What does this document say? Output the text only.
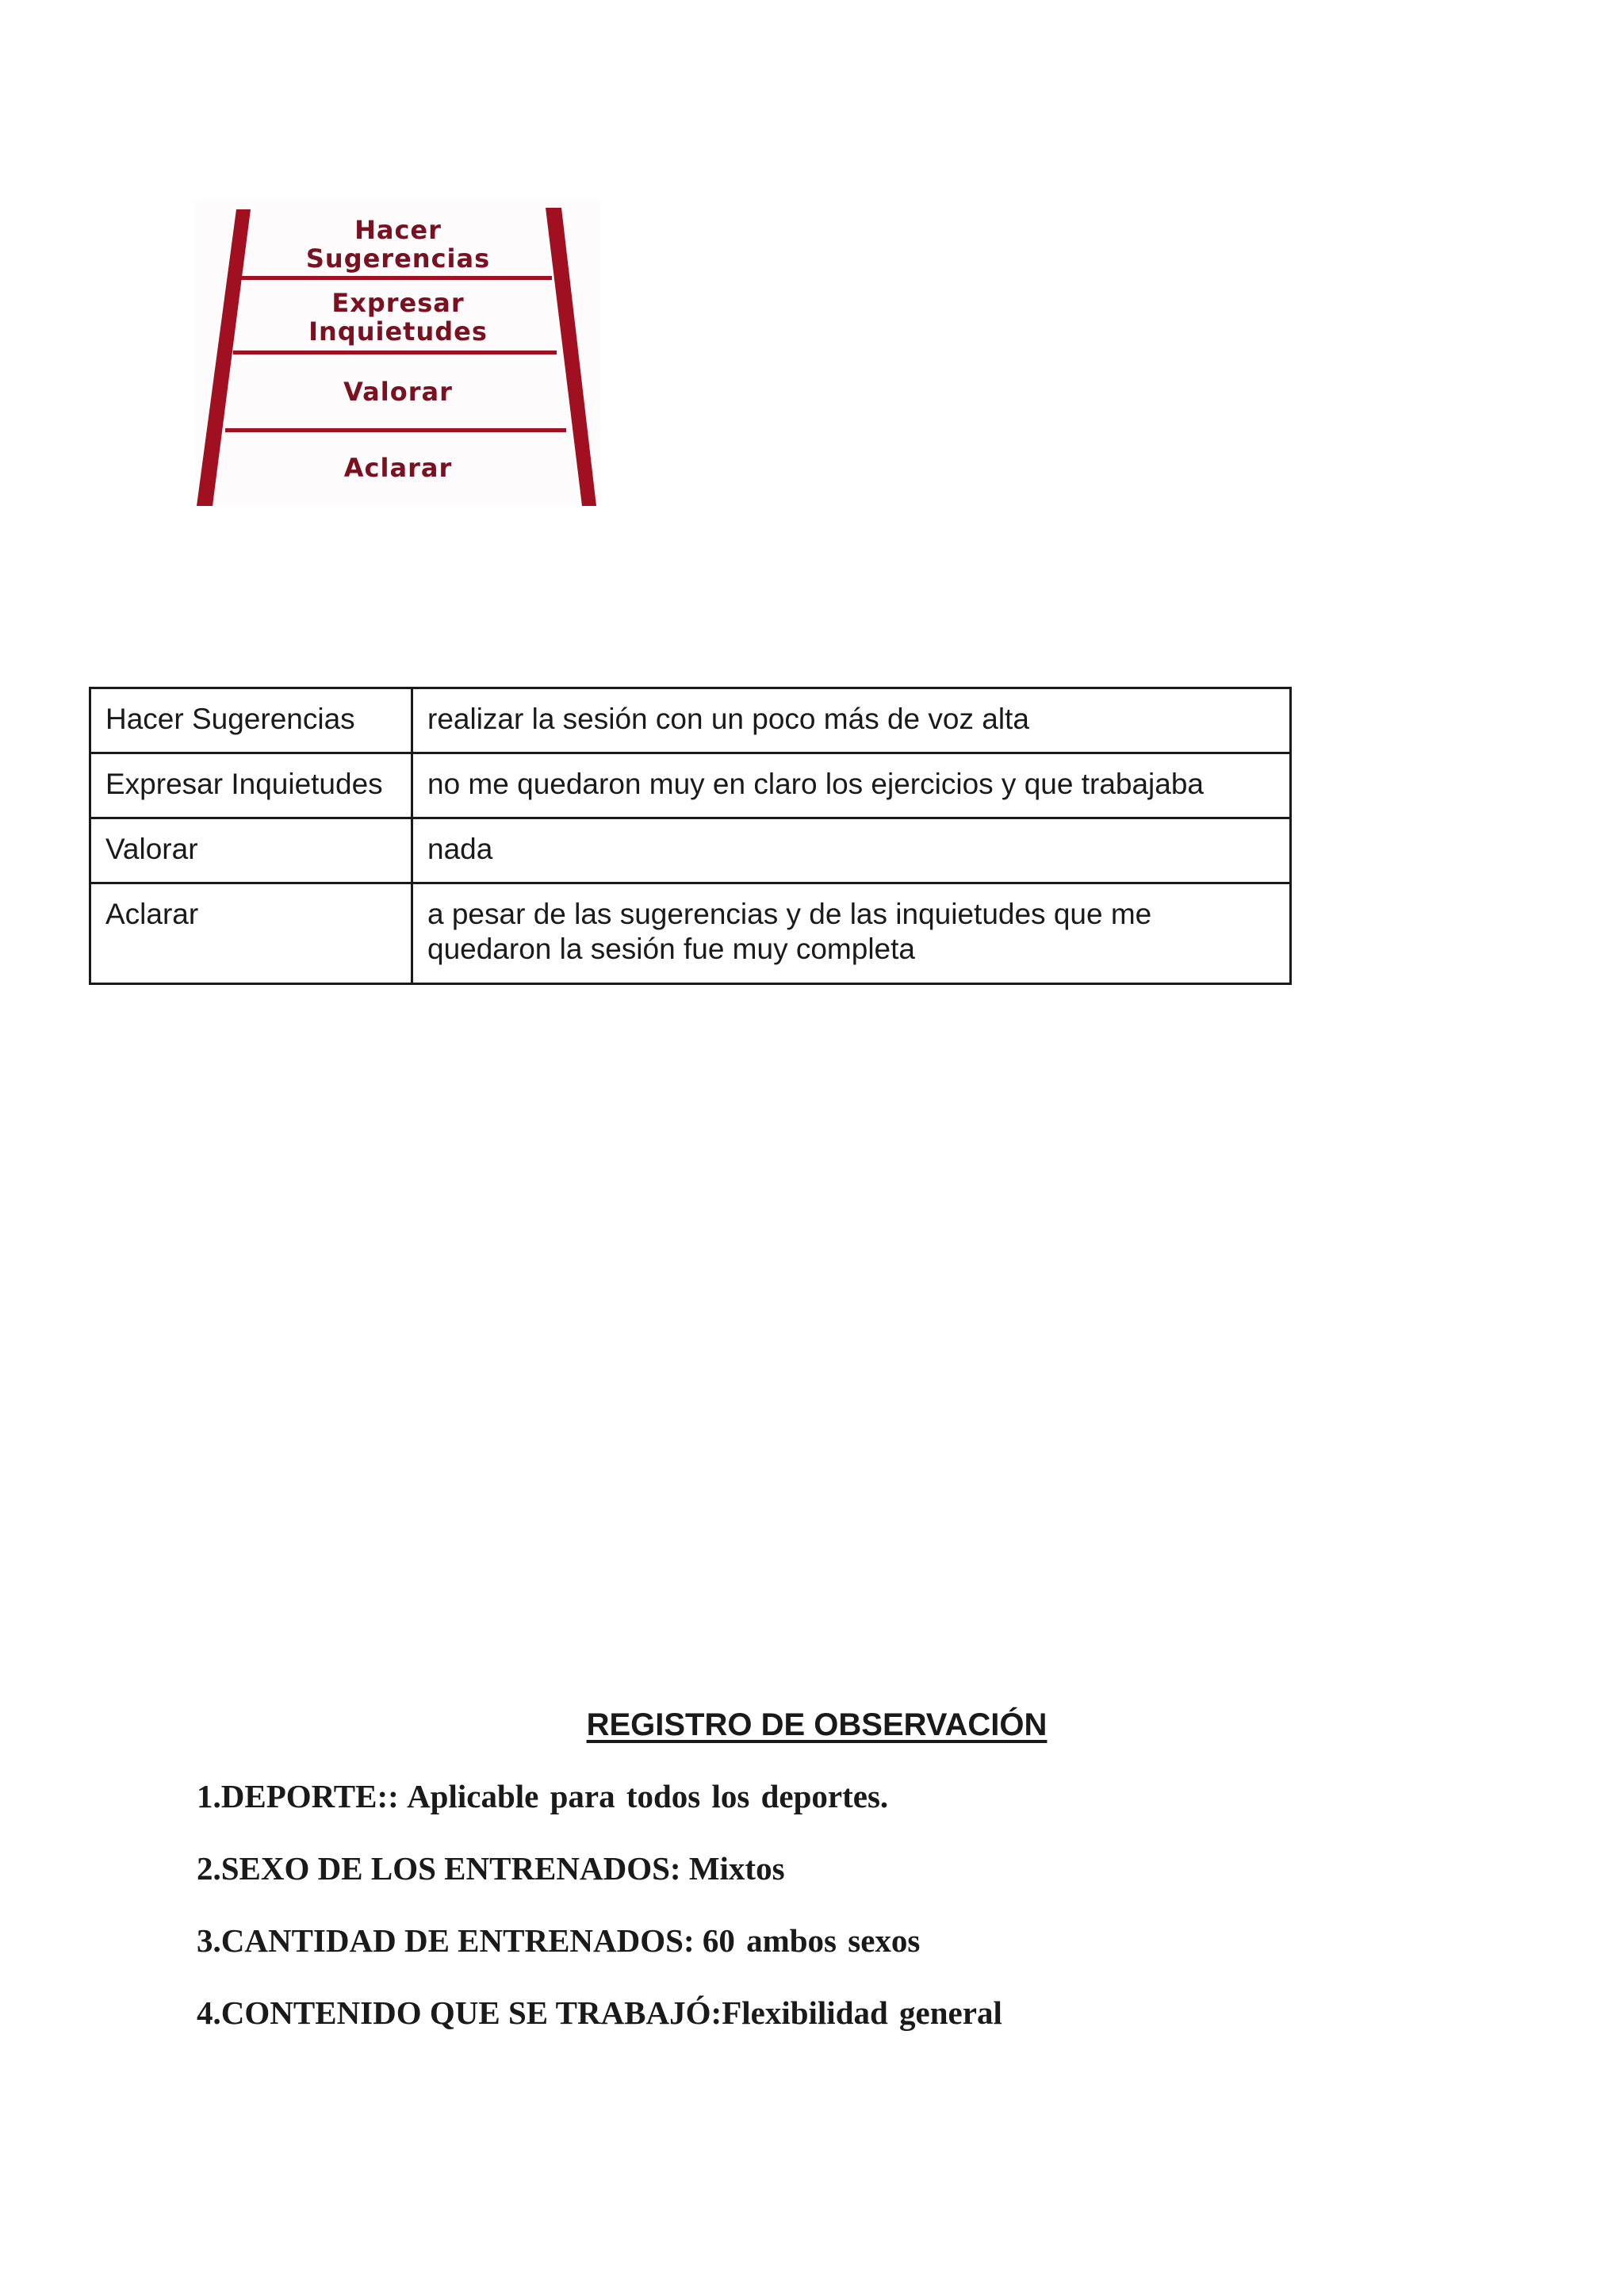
Hacer
Sugerencias
Expresar
Inquietudes
Valorar
Aclarar
Hacer Sugerencias	realizar la sesión con un poco más de voz alta
Expresar Inquietudes	no me quedaron muy en claro los ejercicios y que trabajaba
Valorar	nada
Aclarar	a pesar de las sugerencias y de las inquietudes que me quedaron la sesión fue muy completa
REGISTRO DE OBSERVACIÓN
1.DEPORTE:: Aplicable para todos los deportes.
2.SEXO DE LOS ENTRENADOS: Mixtos
3.CANTIDAD DE ENTRENADOS: 60 ambos sexos
4.CONTENIDO QUE SE TRABAJÓ:Flexibilidad general
